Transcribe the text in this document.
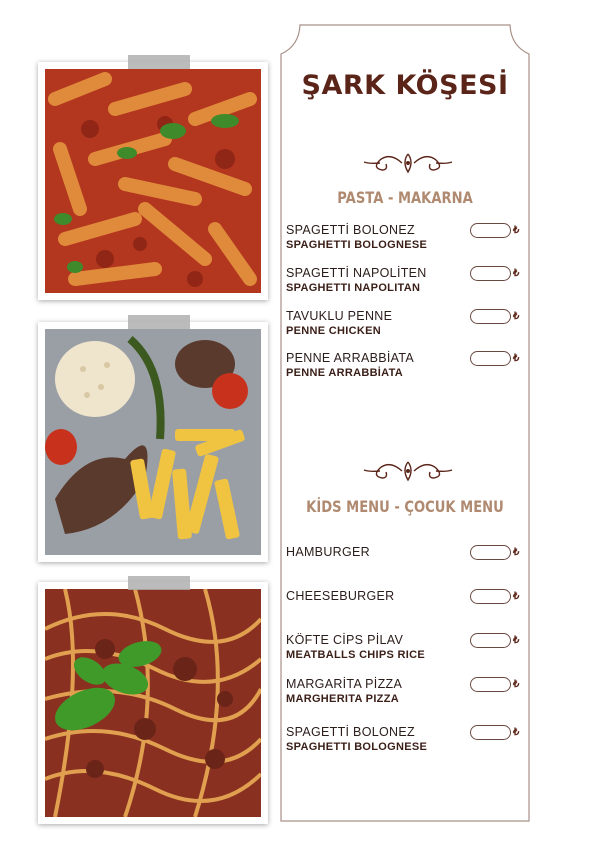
ŞARK KÖŞESİ
PASTA - MAKARNA
SPAGETTİ BOLONEZ
SPAGHETTI BOLOGNESE
₺
SPAGETTİ NAPOLİTEN
SPAGHETTI NAPOLITAN
₺
TAVUKLU PENNE
PENNE CHICKEN
₺
PENNE ARRABBİATA
PENNE ARRABBİATA
₺
KİDS MENU - ÇOCUK MENU
HAMBURGER	₺
CHEESEBURGER	₺
KÖFTE CİPS PİLAV
MEATBALLS CHIPS RICE
₺
MARGARİTA PİZZA
MARGHERITA PIZZA
₺
SPAGETTİ BOLONEZ
SPAGHETTI BOLOGNESE
₺
